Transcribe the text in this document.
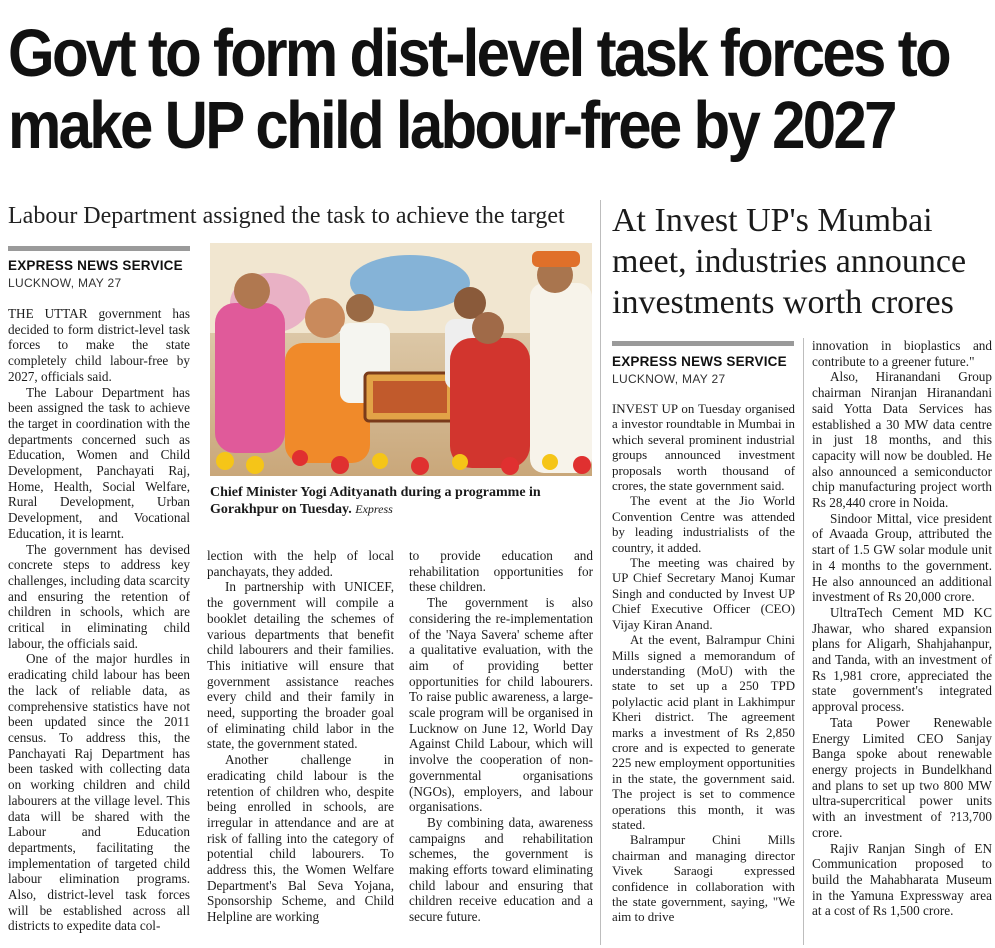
Govt to form dist-level task forces to
make UP child labour-free by 2027
Labour Department assigned the task to achieve the target At Invest UP's Mumbai meet, industries announce investments worth crores
EXPRESS NEWS SERVICE
LUCKNOW, MAY 27

THE UTTAR government has decided to form district-level task forces to make the state completely child labour-free by 2027, officials said.

The Labour Department has been assigned the task to achieve the target in coordination with the departments concerned such as Education, Women and Child Development, Panchayati Raj, Home, Health, Social Welfare, Rural Development, Urban Development, and Vocational Education, it is learnt.

The government has devised concrete steps to address key challenges, including data scarcity and ensuring the retention of children in schools, which are critical in eliminating child labour, the officials said.

One of the major hurdles in eradicating child labour has been the lack of reliable data, as comprehensive statistics have not been updated since the 2011 census. To address this, the Panchayati Raj Department has been tasked with collecting data on working children and child labourers at the village level. This data will be shared with the Labour and Education departments, facilitating the implementation of targeted child labour elimination programs. Also, district-level task forces will be established across all districts to expedite data col-

Chief Minister Yogi Adityanath during a programme in Gorakhpur on Tuesday. Express

lection with the help of local panchayats, they added.

In partnership with UNICEF, the government will compile a booklet detailing the schemes of various departments that benefit child labourers and their families. This initiative will ensure that government assistance reaches every child and their family in need, supporting the broader goal of eliminating child labor in the state, the government stated.

Another challenge in eradicating child labour is the retention of children who, despite being enrolled in schools, are irregular in attendance and are at risk of falling into the category of potential child labourers. To address this, the Women Welfare Department's Bal Seva Yojana, Sponsorship Scheme, and Child Helpline are working

to provide education and rehabilitation opportunities for these children.

The government is also considering the re-implementation of the 'Naya Savera' scheme after a qualitative evaluation, with the aim of providing better opportunities for child labourers. To raise public awareness, a large-scale program will be organised in Lucknow on June 12, World Day Against Child Labour, which will involve the cooperation of non-governmental organisations (NGOs), employers, and labour organisations.

By combining data, awareness campaigns and rehabilitation schemes, the government is making efforts toward eliminating child labour and ensuring that children receive education and a secure future.

EXPRESS NEWS SERVICE
LUCKNOW, MAY 27

INVEST UP on Tuesday organised a investor roundtable in Mumbai in which several prominent industrial groups announced investment proposals worth thousand of crores, the state government said.

The event at the Jio World Convention Centre was attended by leading industrialists of the country, it added.

The meeting was chaired by UP Chief Secretary Manoj Kumar Singh and conducted by Invest UP Chief Executive Officer (CEO) Vijay Kiran Anand.

At the event, Balrampur Chini Mills signed a memorandum of understanding (MoU) with the state to set up a 250 TPD polylactic acid plant in Lakhimpur Kheri district. The agreement marks a investment of Rs 2,850 crore and is expected to generate 225 new employment opportunities in the state, the government said. The project is set to commence operations this month, it was stated.

Balrampur Chini Mills chairman and managing director Vivek Saraogi expressed confidence in collaboration with the state government, saying, "We aim to drive

innovation in bioplastics and contribute to a greener future."

Also, Hiranandani Group chairman Niranjan Hiranandani said Yotta Data Services has established a 30 MW data centre in just 18 months, and this capacity will now be doubled. He also announced a semiconductor chip manufacturing project worth Rs 28,440 crore in Noida.

Sindoor Mittal, vice president of Avaada Group, attributed the start of 1.5 GW solar module unit in 4 months to the government. He also announced an additional investment of Rs 20,000 crore.

UltraTech Cement MD KC Jhawar, who shared expansion plans for Aligarh, Shahjahanpur, and Tanda, with an investment of Rs 1,981 crore, appreciated the state government's integrated approval process.

Tata Power Renewable Energy Limited CEO Sanjay Banga spoke about renewable energy projects in Bundelkhand and plans to set up two 800 MW ultra-supercritical power units with an investment of ?13,700 crore.

Rajiv Ranjan Singh of EN Communication proposed to build the Mahabharata Museum in the Yamuna Expressway area at a cost of Rs 1,500 crore.
